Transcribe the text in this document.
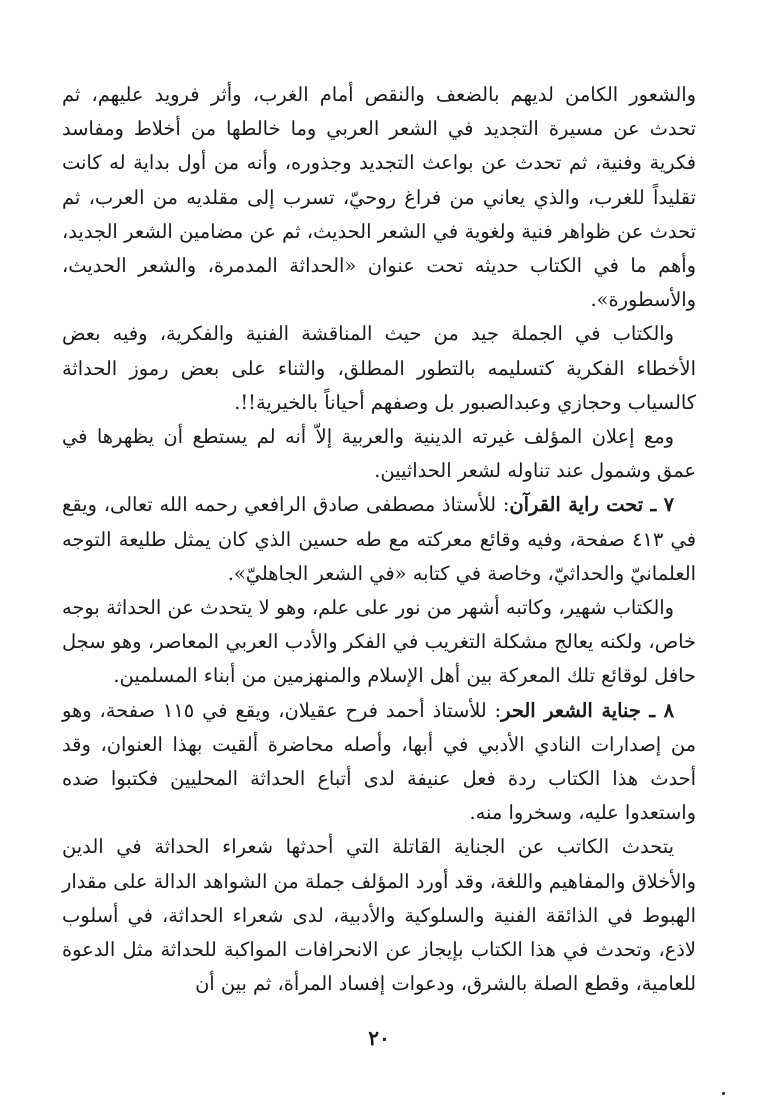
والشعور الكامن لديهم بالضعف والنقص أمام الغرب، وأثر فرويد عليهم، ثم تحدث عن مسيرة التجديد في الشعر العربي وما خالطها من أخلاط ومفاسد فكرية وفنية، ثم تحدث عن بواعث التجديد وجذوره، وأنه من أول بداية له كانت تقليداً للغرب، والذي يعاني من فراغ روحيّ، تسرب إلى مقلديه من العرب، ثم تحدث عن ظواهر فنية ولغوية في الشعر الحديث، ثم عن مضامين الشعر الجديد، وأهم ما في الكتاب حديثه تحت عنوان «الحداثة المدمرة، والشعر الحديث، والأسطورة».

والكتاب في الجملة جيد من حيث المناقشة الفنية والفكرية، وفيه بعض الأخطاء الفكرية كتسليمه بالتطور المطلق، والثناء على بعض رموز الحداثة كالسياب وحجازي وعبدالصبور بل وصفهم أحياناً بالخيرية!!.

ومع إعلان المؤلف غيرته الدينية والعربية إلاّ أنه لم يستطع أن يظهرها في عمق وشمول عند تناوله لشعر الحداثيين.

٧ ـ تحت راية القرآن: للأستاذ مصطفى صادق الرافعي رحمه الله تعالى، ويقع في ٤١٣ صفحة، وفيه وقائع معركته مع طه حسين الذي كان يمثل طليعة التوجه العلمانيّ والحداثيّ، وخاصة في كتابه «في الشعر الجاهليّ».

والكتاب شهير، وكاتبه أشهر من نور على علم، وهو لا يتحدث عن الحداثة بوجه خاص، ولكنه يعالج مشكلة التغريب في الفكر والأدب العربي المعاصر، وهو سجل حافل لوقائع تلك المعركة بين أهل الإسلام والمنهزمين من أبناء المسلمين.

٨ ـ جناية الشعر الحر: للأستاذ أحمد فرح عقيلان، ويقع في ١١٥ صفحة، وهو من إصدارات النادي الأدبي في أبها، وأصله محاضرة ألقيت بهذا العنوان، وقد أحدث هذا الكتاب ردة فعل عنيفة لدى أتباع الحداثة المحليين فكتبوا ضده واستعدوا عليه، وسخروا منه.

يتحدث الكاتب عن الجناية القاتلة التي أحدثها شعراء الحداثة في الدين والأخلاق والمفاهيم واللغة، وقد أورد المؤلف جملة من الشواهد الدالة على مقدار الهبوط في الذائقة الفنية والسلوكية والأدبية، لدى شعراء الحداثة، في أسلوب لاذع، وتحدث في هذا الكتاب بإيجاز عن الانحرافات المواكبة للحداثة مثل الدعوة للعامية، وقطع الصلة بالشرق، ودعوات إفساد المرأة، ثم بين أن

٢٠
